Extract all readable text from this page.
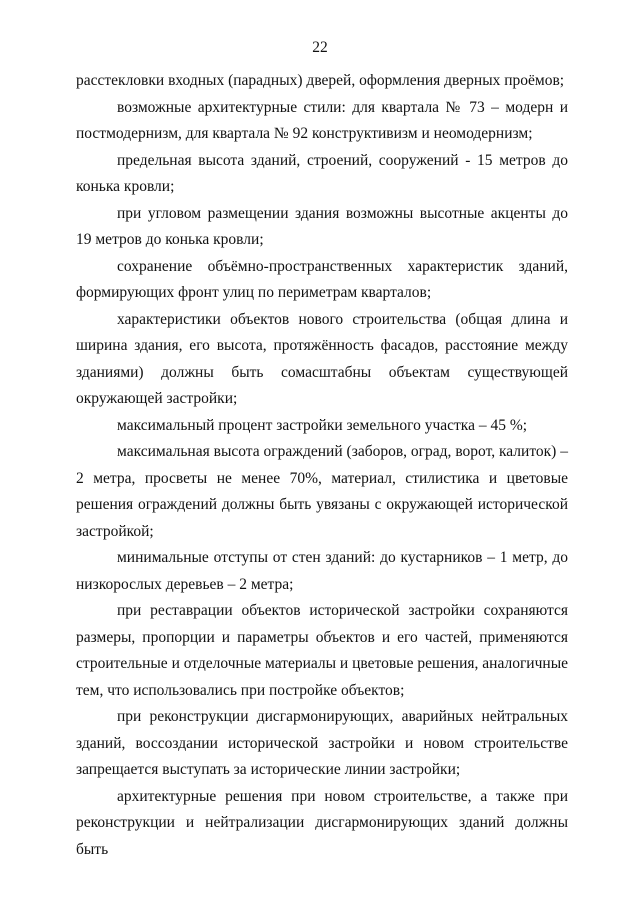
22

расстекловки входных (парадных) дверей, оформления дверных проёмов;

возможные архитектурные стили: для квартала № 73 – модерн и постмодернизм, для квартала № 92 конструктивизм и неомодернизм;

предельная высота зданий, строений, сооружений - 15 метров до конька кровли;

при угловом размещении здания возможны высотные акценты до 19 метров до конька кровли;

сохранение объёмно-пространственных характеристик зданий, формирующих фронт улиц по периметрам кварталов;

характеристики объектов нового строительства (общая длина и ширина здания, его высота, протяжённость фасадов, расстояние между зданиями) должны быть сомасштабны объектам существующей окружающей застройки;

максимальный процент застройки земельного участка – 45 %;

максимальная высота ограждений (заборов, оград, ворот, калиток) – 2 метра, просветы не менее 70%, материал, стилистика и цветовые решения ограждений должны быть увязаны с окружающей исторической застройкой;

минимальные отступы от стен зданий: до кустарников – 1 метр, до низкорослых деревьев – 2 метра;

при реставрации объектов исторической застройки сохраняются размеры, пропорции и параметры объектов и его частей, применяются строительные и отделочные материалы и цветовые решения, аналогичные тем, что использовались при постройке объектов;

при реконструкции дисгармонирующих, аварийных нейтральных зданий, воссоздании исторической застройки и новом строительстве запрещается выступать за исторические линии застройки;

архитектурные решения при новом строительстве, а также при реконструкции и нейтрализации дисгармонирующих зданий должны быть
